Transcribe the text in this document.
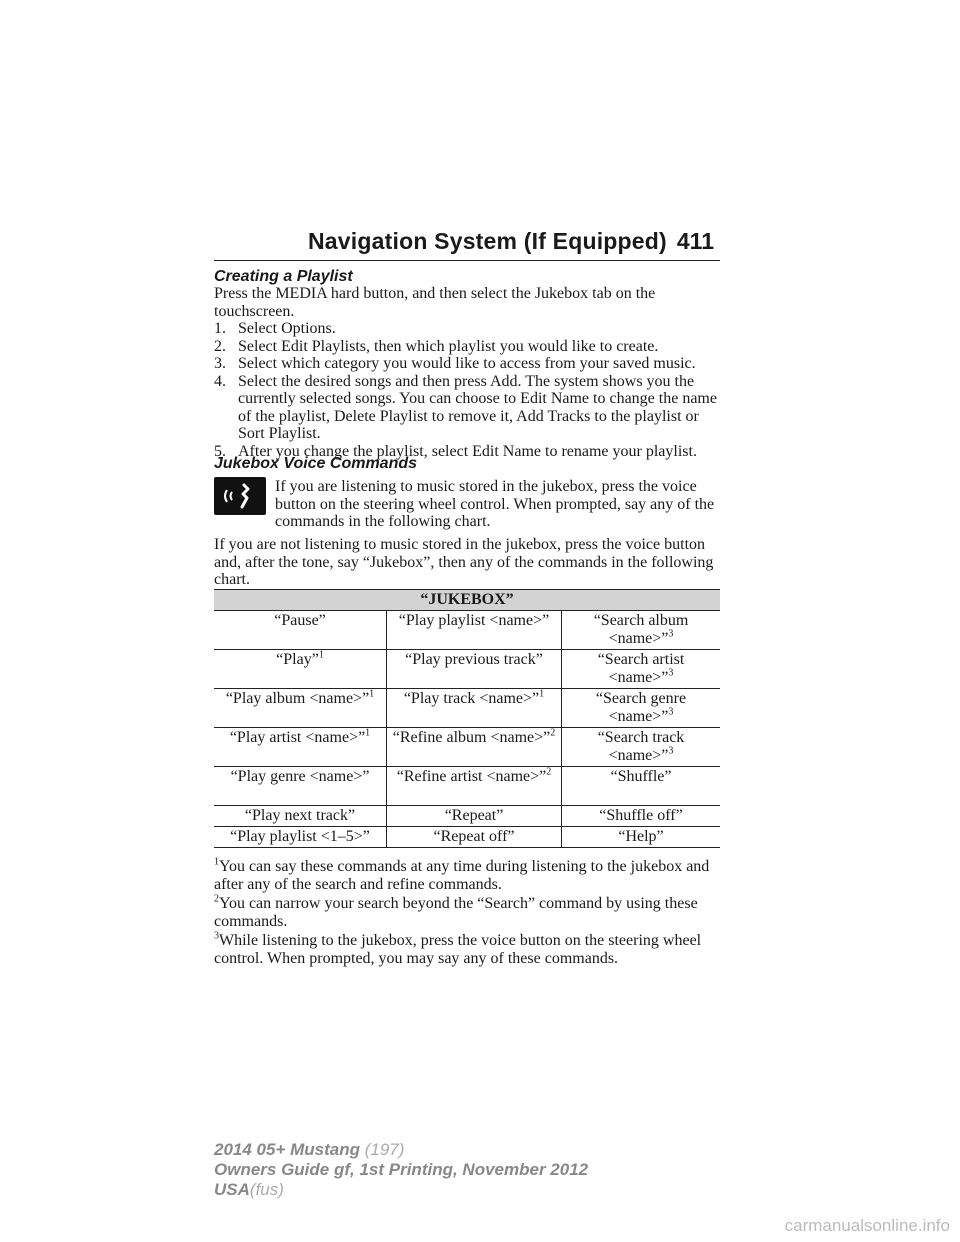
Navigation System (If Equipped) 411
Creating a Playlist
Press the MEDIA hard button, and then select the Jukebox tab on the touchscreen.
1. Select Options.
2. Select Edit Playlists, then which playlist you would like to create.
3. Select which category you would like to access from your saved music.
4. Select the desired songs and then press Add. The system shows you the currently selected songs. You can choose to Edit Name to change the name of the playlist, Delete Playlist to remove it, Add Tracks to the playlist or Sort Playlist.
5. After you change the playlist, select Edit Name to rename your playlist.
Jukebox Voice Commands
If you are listening to music stored in the jukebox, press the voice button on the steering wheel control. When prompted, say any of the commands in the following chart.
If you are not listening to music stored in the jukebox, press the voice button and, after the tone, say “Jukebox”, then any of the commands in the following chart.
“JUKEBOX”		
“Pause”	“Play playlist <name>”	“Search album <name>”$^3$
“Play”$^1$	“Play previous track”	“Search artist <name>”$^3$
“Play album <name>”$^1$	“Play track <name>”$^1$	“Search genre <name>”$^3$
“Play artist <name>”$^1$	“Refine album <name>”$^2$	“Search track <name>”$^3$
“Play genre <name>”	“Refine artist <name>”$^2$	“Shuffle”
“Play next track”	“Repeat”	“Shuffle off”
“Play playlist <1–5>”	“Repeat off”	“Help”
$^1$You can say these commands at any time during listening to the jukebox and after any of the search and refine commands.
$^2$You can narrow your search beyond the “Search” command by using these commands.
$^3$While listening to the jukebox, press the voice button on the steering wheel control. When prompted, you may say any of these commands.
2014 05+ Mustang (197)
Owners Guide gf, 1st Printing, November 2012
USA(fus)
carmanualsonline.info
